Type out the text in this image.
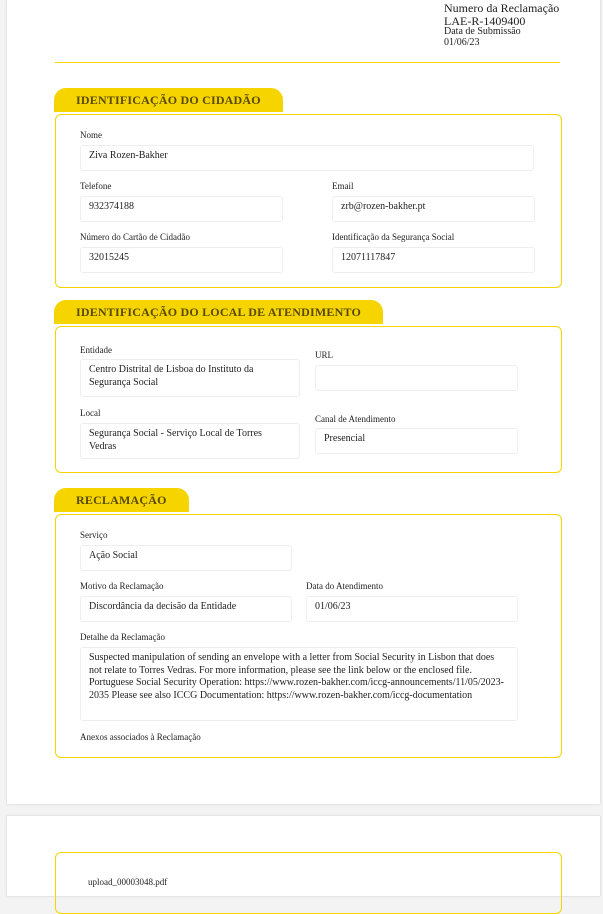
Numero da Reclamação
LAE-R-1409400
Data de Submissão
01/06/23
IDENTIFICAÇÃO DO CIDADÃO
Nome
Ziva Rozen-Bakher
Telefone
932374188
Email
zrb@rozen-bakher.pt
Número do Cartão de Cidadão
32015245
Identificação da Segurança Social
12071117847
IDENTIFICAÇÃO DO LOCAL DE ATENDIMENTO
Entidade
Centro Distrital de Lisboa do Instituto da Segurança Social
URL
Local
Segurança Social - Serviço Local de Torres Vedras
Canal de Atendimento
Presencial
RECLAMAÇÃO
Serviço
Ação Social
Motivo da Reclamação
Discordância da decisão da Entidade
Data do Atendimento
01/06/23
Detalhe da Reclamação
Suspected manipulation of sending an envelope with a letter from Social Security in Lisbon that does not relate to Torres Vedras. For more information, please see the link below or the enclosed file. Portuguese Social Security Operation: https://www.rozen-bakher.com/iccg-announcements/11/05/2023-2035 Please see also ICCG Documentation: https://www.rozen-bakher.com/iccg-documentation
Anexos associados à Reclamação
upload_00003048.pdf
